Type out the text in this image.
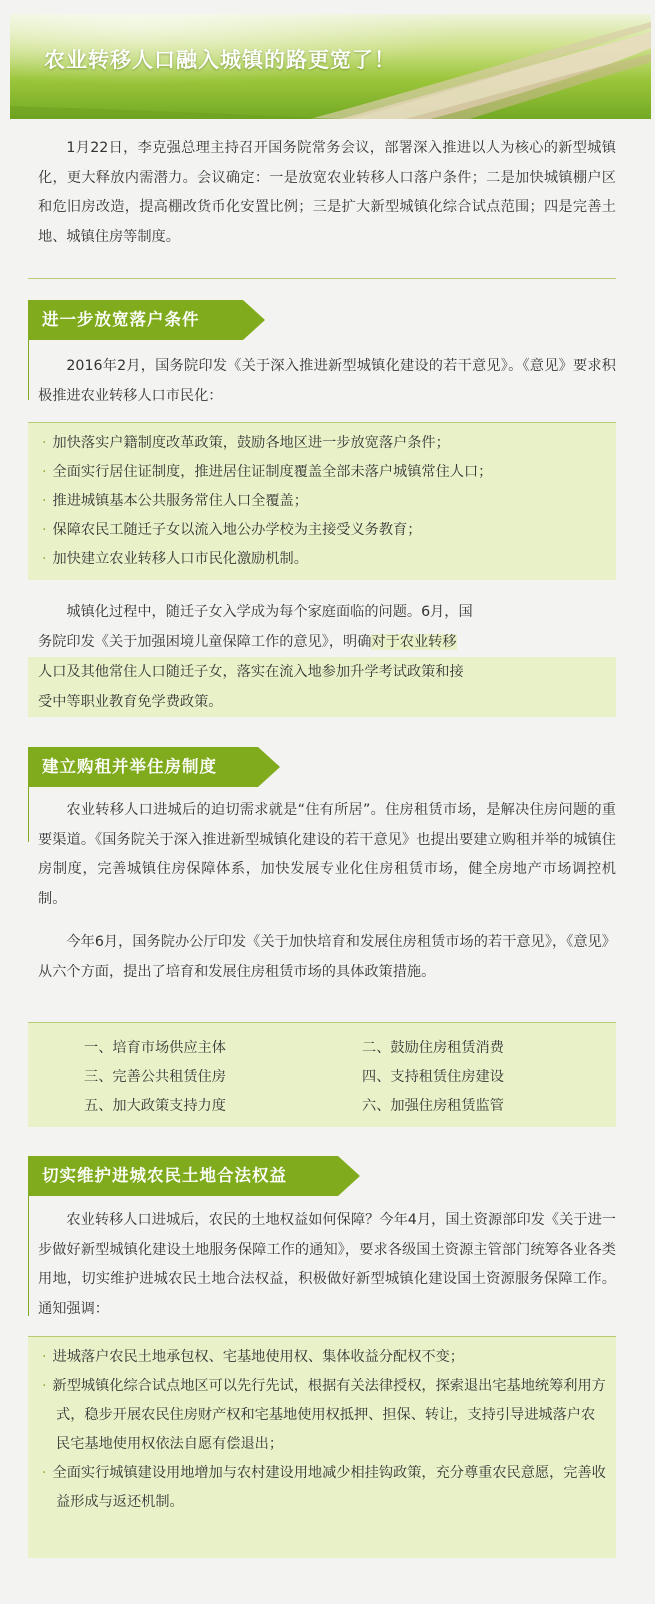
农业转移人口融入城镇的路更宽了！
1月22日，李克强总理主持召开国务院常务会议，部署深入推进以人为核心的新型城镇化，更大释放内需潜力。会议确定：一是放宽农业转移人口落户条件；二是加快城镇棚户区和危旧房改造，提高棚改货币化安置比例；三是扩大新型城镇化综合试点范围；四是完善土地、城镇住房等制度。
进一步放宽落户条件
2016年2月，国务院印发《关于深入推进新型城镇化建设的若干意见》。《意见》要求积极推进农业转移人口市民化：
· 加快落实户籍制度改革政策，鼓励各地区进一步放宽落户条件；
· 全面实行居住证制度，推进居住证制度覆盖全部未落户城镇常住人口；
· 推进城镇基本公共服务常住人口全覆盖；
· 保障农民工随迁子女以流入地公办学校为主接受义务教育；
· 加快建立农业转移人口市民化激励机制。
城镇化过程中，随迁子女入学成为每个家庭面临的问题。6月，国
务院印发《关于加强困境儿童保障工作的意见》，明确对于农业转移
人口及其他常住人口随迁子女，落实在流入地参加升学考试政策和接
受中等职业教育免学费政策。
建立购租并举住房制度
农业转移人口进城后的迫切需求就是“住有所居”。住房租赁市场，是解决住房问题的重要渠道。《国务院关于深入推进新型城镇化建设的若干意见》也提出要建立购租并举的城镇住房制度，完善城镇住房保障体系，加快发展专业化住房租赁市场，健全房地产市场调控机制。
今年6月，国务院办公厅印发《关于加快培育和发展住房租赁市场的若干意见》，《意见》从六个方面，提出了培育和发展住房租赁市场的具体政策措施。
一、培育市场供应主体	二、鼓励住房租赁消费
三、完善公共租赁住房	四、支持租赁住房建设
五、加大政策支持力度	六、加强住房租赁监管
切实维护进城农民土地合法权益
农业转移人口进城后，农民的土地权益如何保障？今年4月，国土资源部印发《关于进一步做好新型城镇化建设土地服务保障工作的通知》，要求各级国土资源主管部门统筹各业各类用地，切实维护进城农民土地合法权益，积极做好新型城镇化建设国土资源服务保障工作。通知强调：
· 进城落户农民土地承包权、宅基地使用权、集体收益分配权不变；
· 新型城镇化综合试点地区可以先行先试，根据有关法律授权，探索退出宅基地统筹利用方式，稳步开展农民住房财产权和宅基地使用权抵押、担保、转让，支持引导进城落户农民宅基地使用权依法自愿有偿退出；
· 全面实行城镇建设用地增加与农村建设用地减少相挂钩政策，充分尊重农民意愿，完善收益形成与返还机制。
